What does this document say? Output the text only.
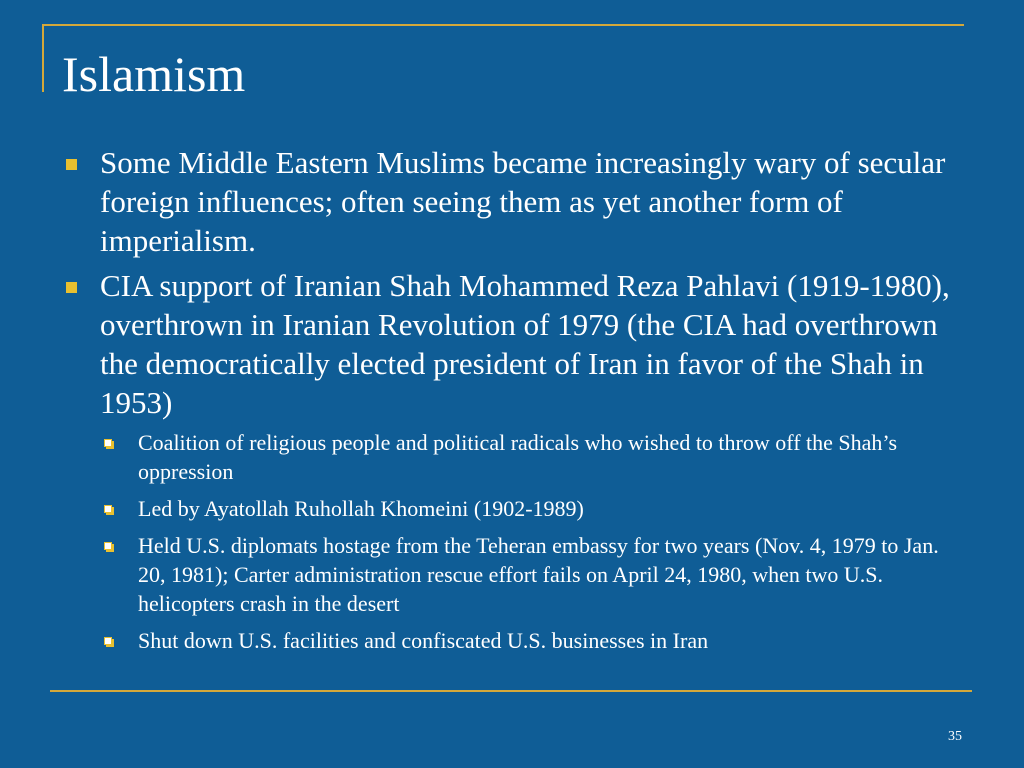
Islamism
Some Middle Eastern Muslims became increasingly wary of secular foreign influences; often seeing them as yet another form of imperialism.
CIA support of Iranian Shah Mohammed Reza Pahlavi (1919-1980), overthrown in Iranian Revolution of 1979 (the CIA had overthrown the democratically elected president of Iran in favor of the Shah in 1953)
Coalition of religious people and political radicals who wished to throw off the Shah’s oppression
Led by Ayatollah Ruhollah Khomeini (1902-1989)
Held U.S. diplomats hostage from the Teheran embassy for two years (Nov. 4, 1979 to Jan. 20, 1981); Carter administration rescue effort fails on April 24, 1980, when two U.S. helicopters crash in the desert
Shut down U.S. facilities and confiscated U.S. businesses in Iran
35
